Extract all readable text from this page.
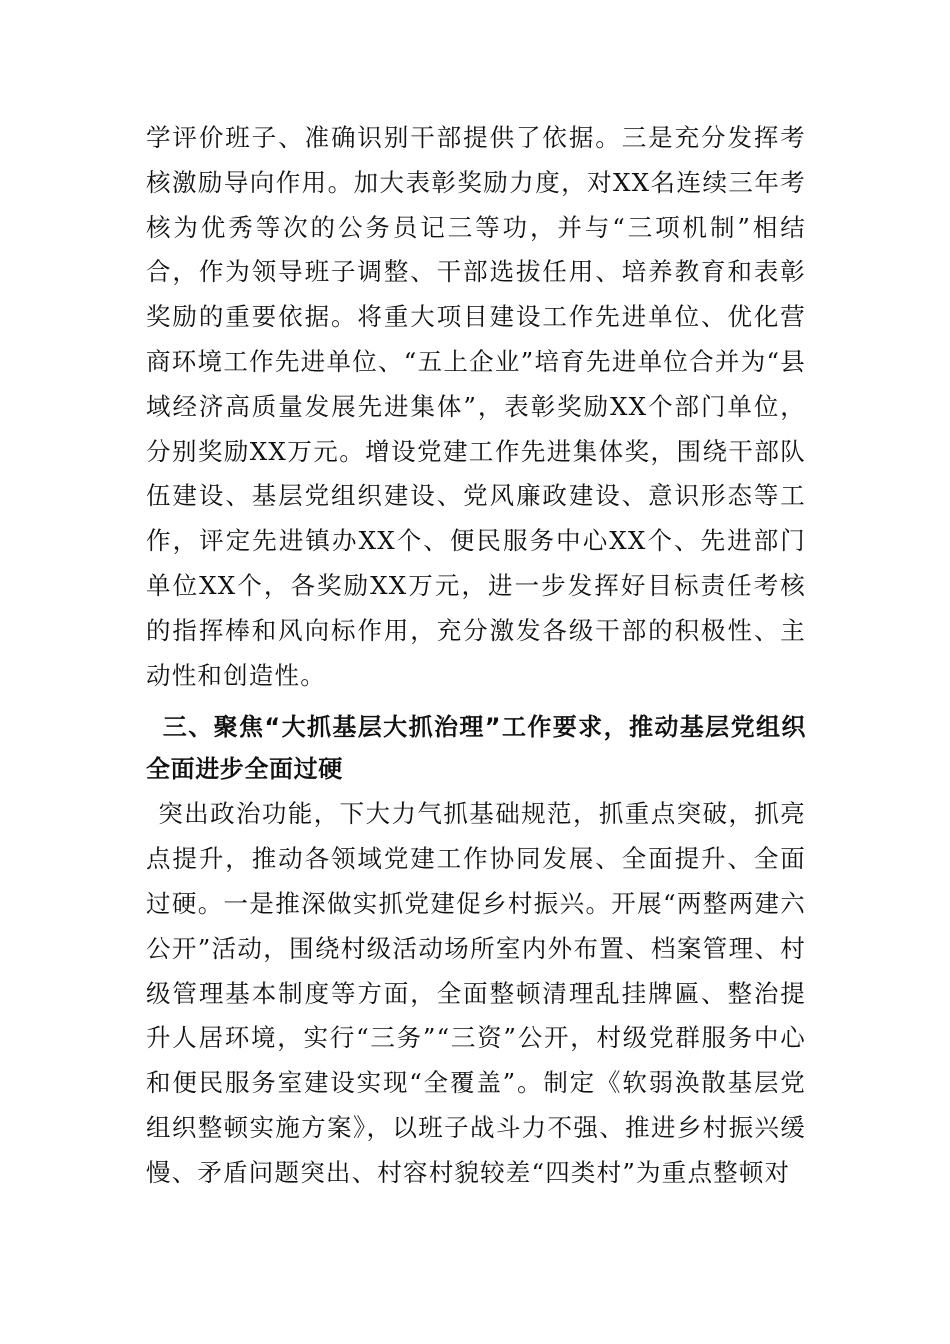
学评价班子、准确识别干部提供了依据。三是充分发挥考核激励导向作用。加大表彰奖励力度，对XX名连续三年考核为优秀等次的公务员记三等功，并与“三项机制”相结合，作为领导班子调整、干部选拔任用、培养教育和表彰奖励的重要依据。将重大项目建设工作先进单位、优化营商环境工作先进单位、“五上企业”培育先进单位合并为“县域经济高质量发展先进集体”，表彰奖励XX个部门单位，分别奖励XX万元。增设党建工作先进集体奖，围绕干部队伍建设、基层党组织建设、党风廉政建设、意识形态等工作，评定先进镇办XX个、便民服务中心XX个、先进部门单位XX个，各奖励XX万元，进一步发挥好目标责任考核的指挥棒和风向标作用，充分激发各级干部的积极性、主动性和创造性。

三、聚焦“大抓基层大抓治理”工作要求，推动基层党组织全面进步全面过硬

突出政治功能，下大力气抓基础规范，抓重点突破，抓亮点提升，推动各领域党建工作协同发展、全面提升、全面过硬。一是推深做实抓党建促乡村振兴。开展“两整两建六公开”活动，围绕村级活动场所室内外布置、档案管理、村级管理基本制度等方面，全面整顿清理乱挂牌匾、整治提升人居环境，实行“三务”“三资”公开，村级党群服务中心和便民服务室建设实现“全覆盖”。制定《软弱涣散基层党组织整顿实施方案》，以班子战斗力不强、推进乡村振兴缓慢、矛盾问题突出、村容村貌较差“四类村”为重点整顿对
